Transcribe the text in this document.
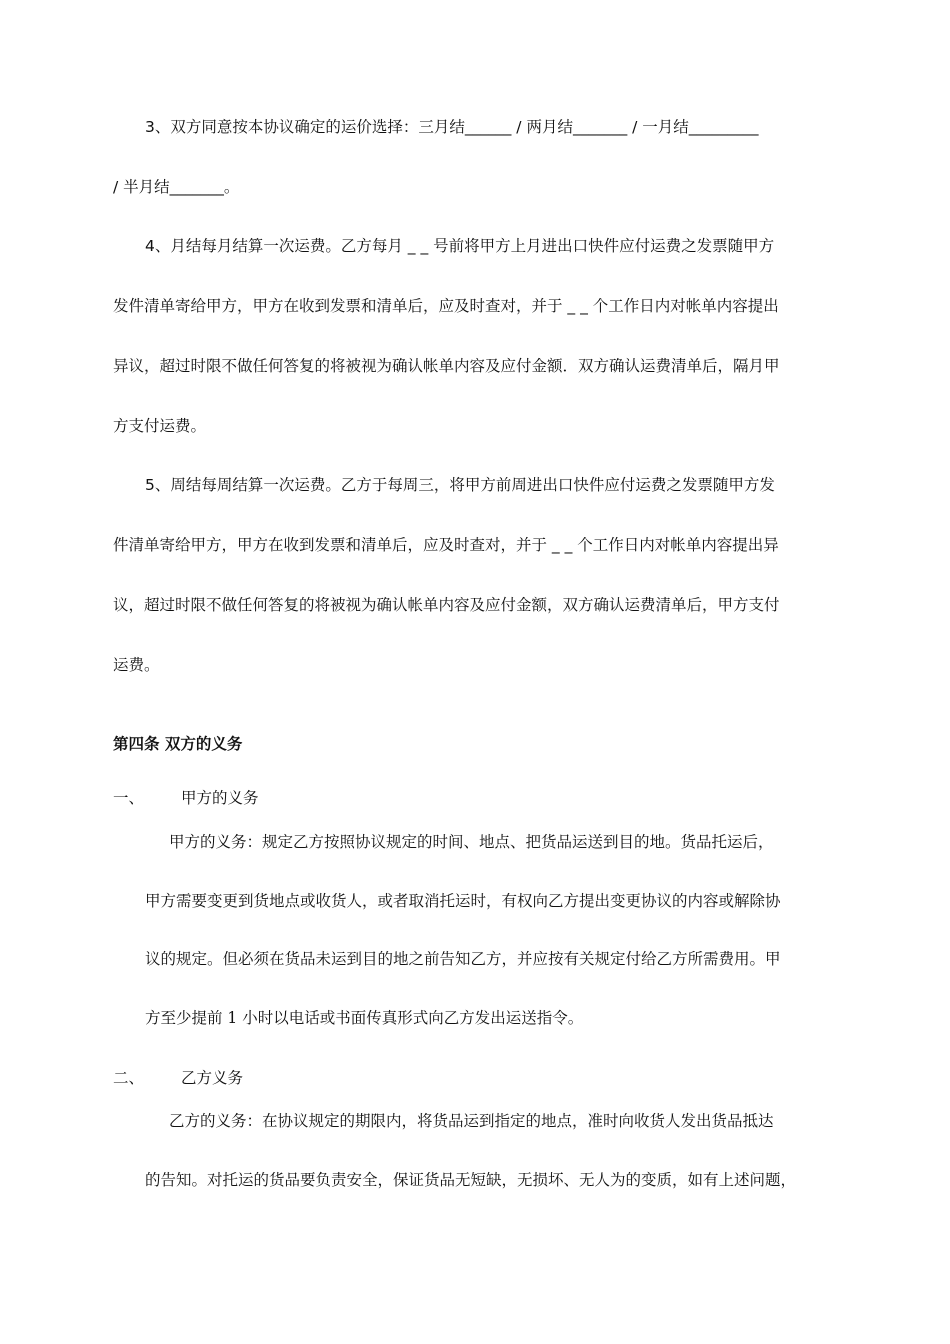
3、双方同意按本协议确定的运价选择：三月结______ / 两月结_______ / 一月结_________
/ 半月结_______。

4、月结每月结算一次运费。乙方每月 _ _ 号前将甲方上月进出口快件应付运费之发票随甲方
发件清单寄给甲方，甲方在收到发票和清单后，应及时查对，并于 _ _ 个工作日内对帐单内容提出
异议，超过时限不做任何答复的将被视为确认帐单内容及应付金额．双方确认运费清单后，隔月甲
方支付运费。

5、周结每周结算一次运费。乙方于每周三，将甲方前周进出口快件应付运费之发票随甲方发
件清单寄给甲方，甲方在收到发票和清单后，应及时查对，并于 _ _ 个工作日内对帐单内容提出异
议，超过时限不做任何答复的将被视为确认帐单内容及应付金额，双方确认运费清单后，甲方支付
运费。

第四条 双方的义务

一、 甲方的义务

甲方的义务：规定乙方按照协议规定的时间、地点、把货品运送到目的地。货品托运后，
甲方需要变更到货地点或收货人，或者取消托运时，有权向乙方提出变更协议的内容或解除协
议的规定。但必须在货品未运到目的地之前告知乙方，并应按有关规定付给乙方所需费用。甲
方至少提前 1 小时以电话或书面传真形式向乙方发出运送指令。

二、 乙方义务

乙方的义务：在协议规定的期限内，将货品运到指定的地点，准时向收货人发出货品抵达
的告知。对托运的货品要负责安全，保证货品无短缺，无损坏、无人为的变质，如有上述问题，
